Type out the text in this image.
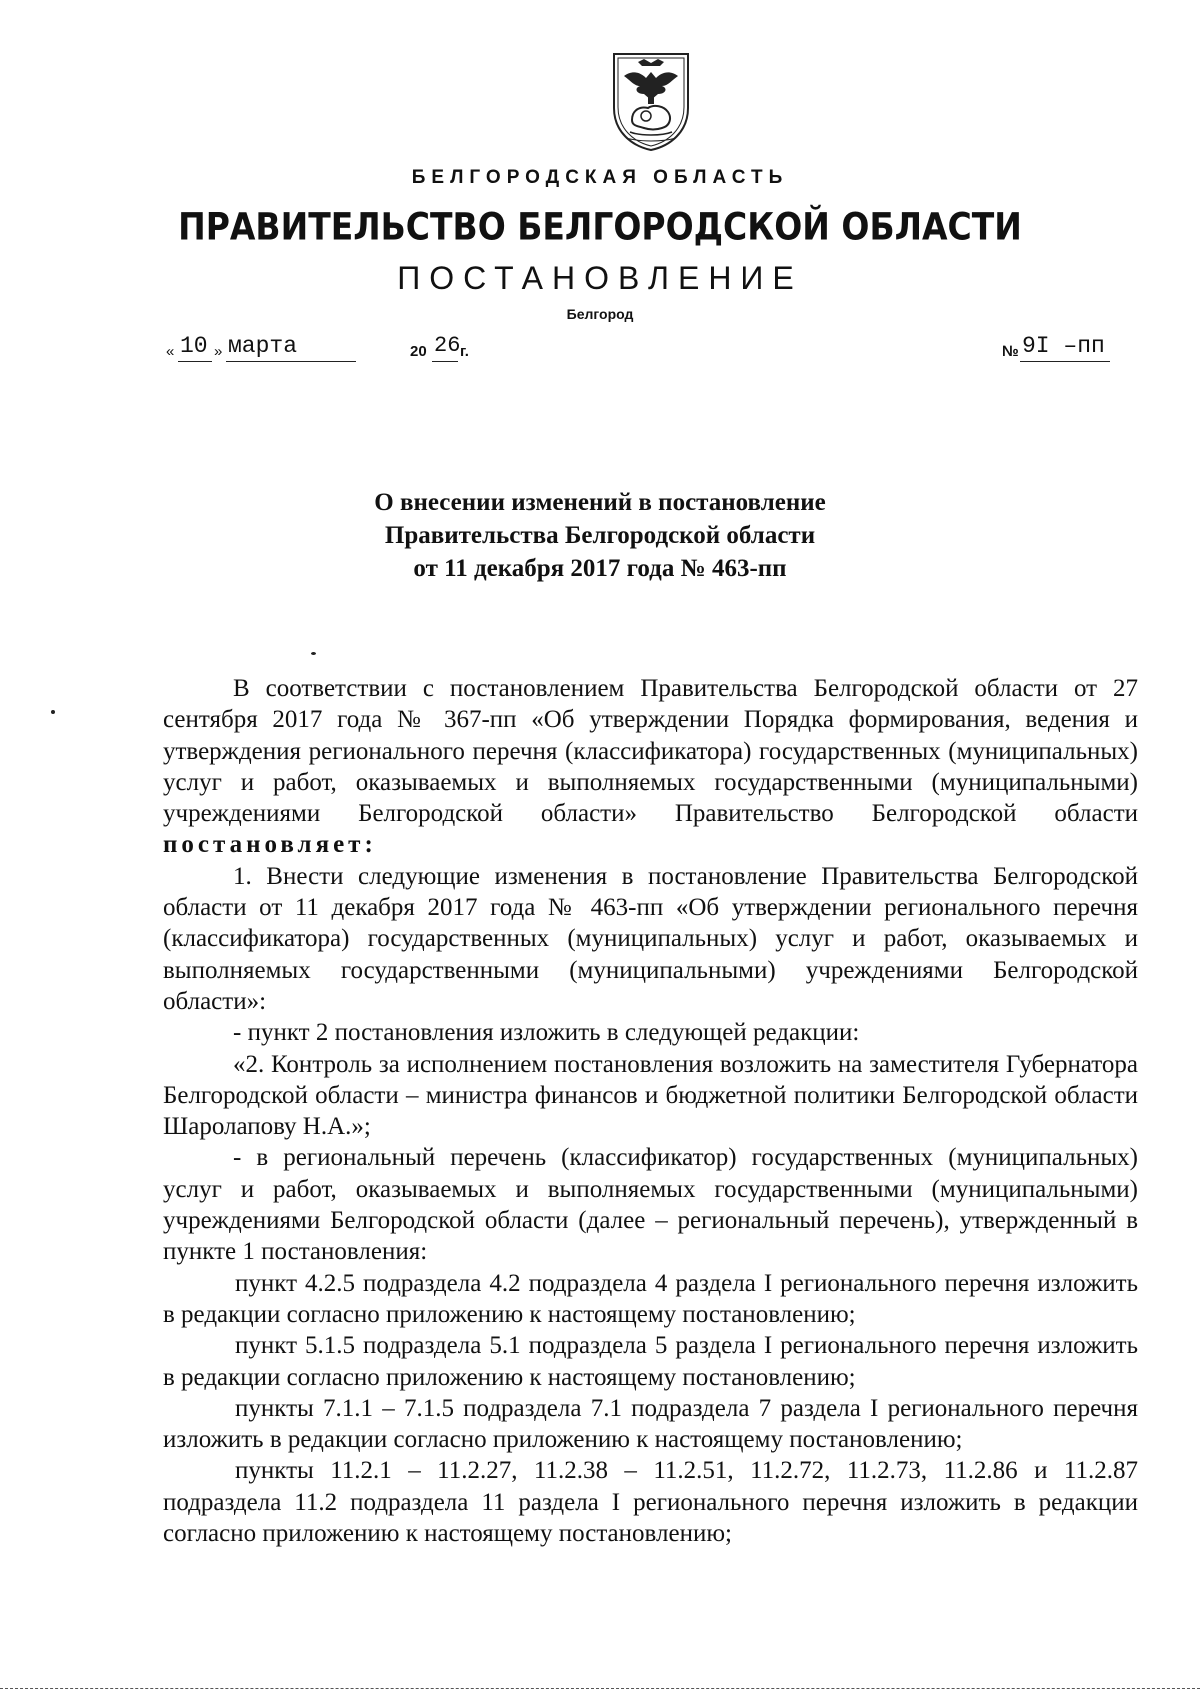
БЕЛГОРОДСКАЯ ОБЛАСТЬ
ПРАВИТЕЛЬСТВО БЕЛГОРОДСКОЙ ОБЛАСТИ
ПОСТАНОВЛЕНИЕ
Белгород
« 10 » марта	20 26 г.	№ 9I –пп
О внесении изменений в постановление
Правительства Белгородской области
от 11 декабря 2017 года № 463-пп

В соответствии с постановлением Правительства Белгородской области от 27 сентября 2017 года № 367-пп «Об утверждении Порядка формирования, ведения и утверждения регионального перечня (классификатора) государственных (муниципальных) услуг и работ, оказываемых и выполняемых государственными (муниципальными) учреждениями Белгородской области» Правительство Белгородской области постановляет:

1. Внести следующие изменения в постановление Правительства Белгородской области от 11 декабря 2017 года № 463-пп «Об утверждении регионального перечня (классификатора) государственных (муниципальных) услуг и работ, оказываемых и выполняемых государственными (муниципальными) учреждениями Белгородской области»:

- пункт 2 постановления изложить в следующей редакции:

«2. Контроль за исполнением постановления возложить на заместителя Губернатора Белгородской области – министра финансов и бюджетной политики Белгородской области Шаролапову Н.А.»;

- в региональный перечень (классификатор) государственных (муниципальных) услуг и работ, оказываемых и выполняемых государственными (муниципальными) учреждениями Белгородской области (далее – региональный перечень), утвержденный в пункте 1 постановления:

пункт 4.2.5 подраздела 4.2 подраздела 4 раздела I регионального перечня изложить в редакции согласно приложению к настоящему постановлению;

пункт 5.1.5 подраздела 5.1 подраздела 5 раздела I регионального перечня изложить в редакции согласно приложению к настоящему постановлению;

пункты 7.1.1 – 7.1.5 подраздела 7.1 подраздела 7 раздела I регионального перечня изложить в редакции согласно приложению к настоящему постановлению;

пункты 11.2.1 – 11.2.27, 11.2.38 – 11.2.51, 11.2.72, 11.2.73, 11.2.86 и 11.2.87 подраздела 11.2 подраздела 11 раздела I регионального перечня изложить в редакции согласно приложению к настоящему постановлению;
